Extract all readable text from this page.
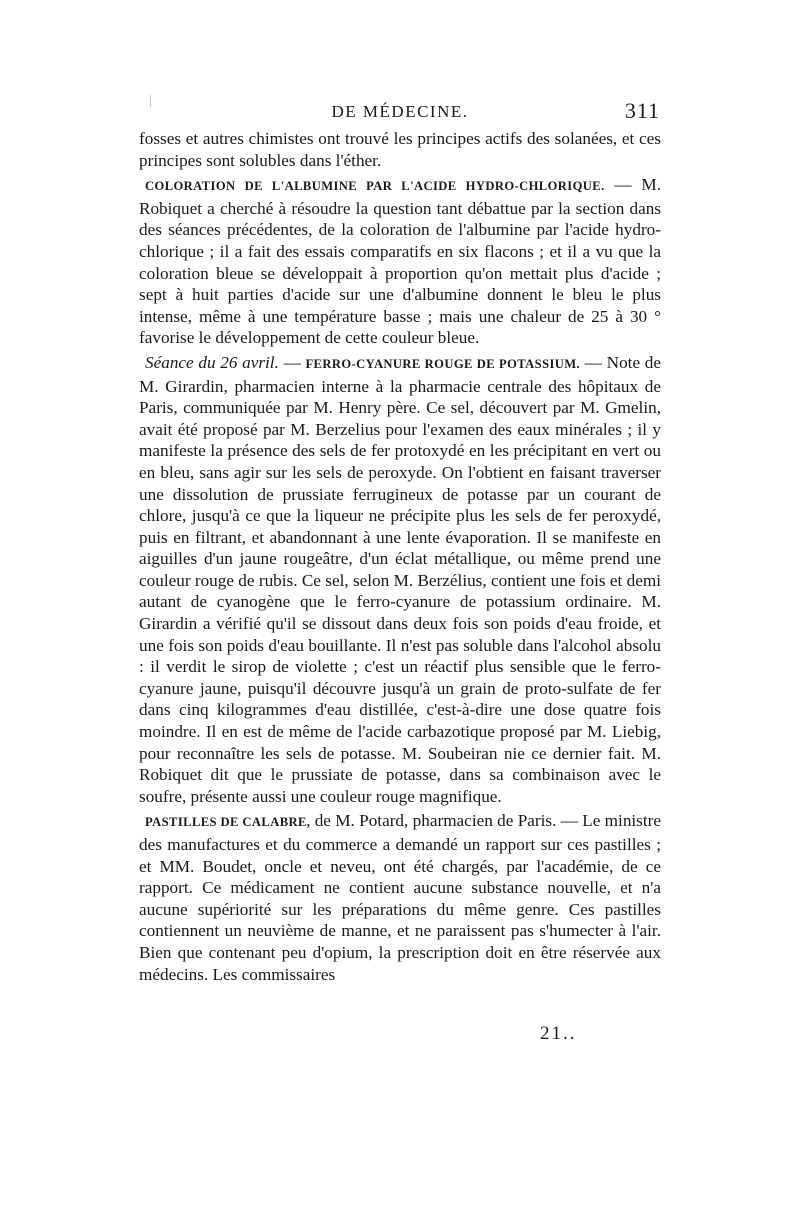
DE MÉDECINE.	311

fosses et autres chimistes ont trouvé les principes actifs des solanées, et ces principes sont solubles dans l'éther.

COLORATION DE L'ALBUMINE PAR L'ACIDE HYDRO-CHLORIQUE. — M. Robiquet a cherché à résoudre la question tant débattue par la section dans des séances précédentes, de la coloration de l'albumine par l'acide hydro-chlorique ; il a fait des essais comparatifs en six flacons ; et il a vu que la coloration bleue se développait à proportion qu'on mettait plus d'acide ; sept à huit parties d'acide sur une d'albumine donnent le bleu le plus intense, même à une température basse ; mais une chaleur de 25 à 30 ° favorise le développement de cette couleur bleue.

Séance du 26 avril. — FERRO-CYANURE ROUGE DE POTASSIUM. — Note de M. Girardin, pharmacien interne à la pharmacie centrale des hôpitaux de Paris, communiquée par M. Henry père. Ce sel, découvert par M. Gmelin, avait été proposé par M. Berzelius pour l'examen des eaux minérales ; il y manifeste la présence des sels de fer protoxydé en les précipitant en vert ou en bleu, sans agir sur les sels de peroxyde. On l'obtient en faisant traverser une dissolution de prussiate ferrugineux de potasse par un courant de chlore, jusqu'à ce que la liqueur ne précipite plus les sels de fer peroxydé, puis en filtrant, et abandonnant à une lente évaporation. Il se manifeste en aiguilles d'un jaune rougeâtre, d'un éclat métallique, ou même prend une couleur rouge de rubis. Ce sel, selon M. Berzélius, contient une fois et demi autant de cyanogène que le ferro-cyanure de potassium ordinaire. M. Girardin a vérifié qu'il se dissout dans deux fois son poids d'eau froide, et une fois son poids d'eau bouillante. Il n'est pas soluble dans l'alcohol absolu : il verdit le sirop de violette ; c'est un réactif plus sensible que le ferro-cyanure jaune, puisqu'il découvre jusqu'à un grain de proto-sulfate de fer dans cinq kilogrammes d'eau distillée, c'est-à-dire une dose quatre fois moindre. Il en est de même de l'acide carbazotique proposé par M. Liebig, pour reconnaître les sels de potasse. M. Soubeiran nie ce dernier fait. M. Robiquet dit que le prussiate de potasse, dans sa combinaison avec le soufre, présente aussi une couleur rouge magnifique.

PASTILLES DE CALABRE, de M. Potard, pharmacien de Paris. — Le ministre des manufactures et du commerce a demandé un rapport sur ces pastilles ; et MM. Boudet, oncle et neveu, ont été chargés, par l'académie, de ce rapport. Ce médicament ne contient aucune substance nouvelle, et n'a aucune supériorité sur les préparations du même genre. Ces pastilles contiennent un neuvième de manne, et ne paraissent pas s'humecter à l'air. Bien que contenant peu d'opium, la prescription doit en être réservée aux médecins. Les commissaires

21..
